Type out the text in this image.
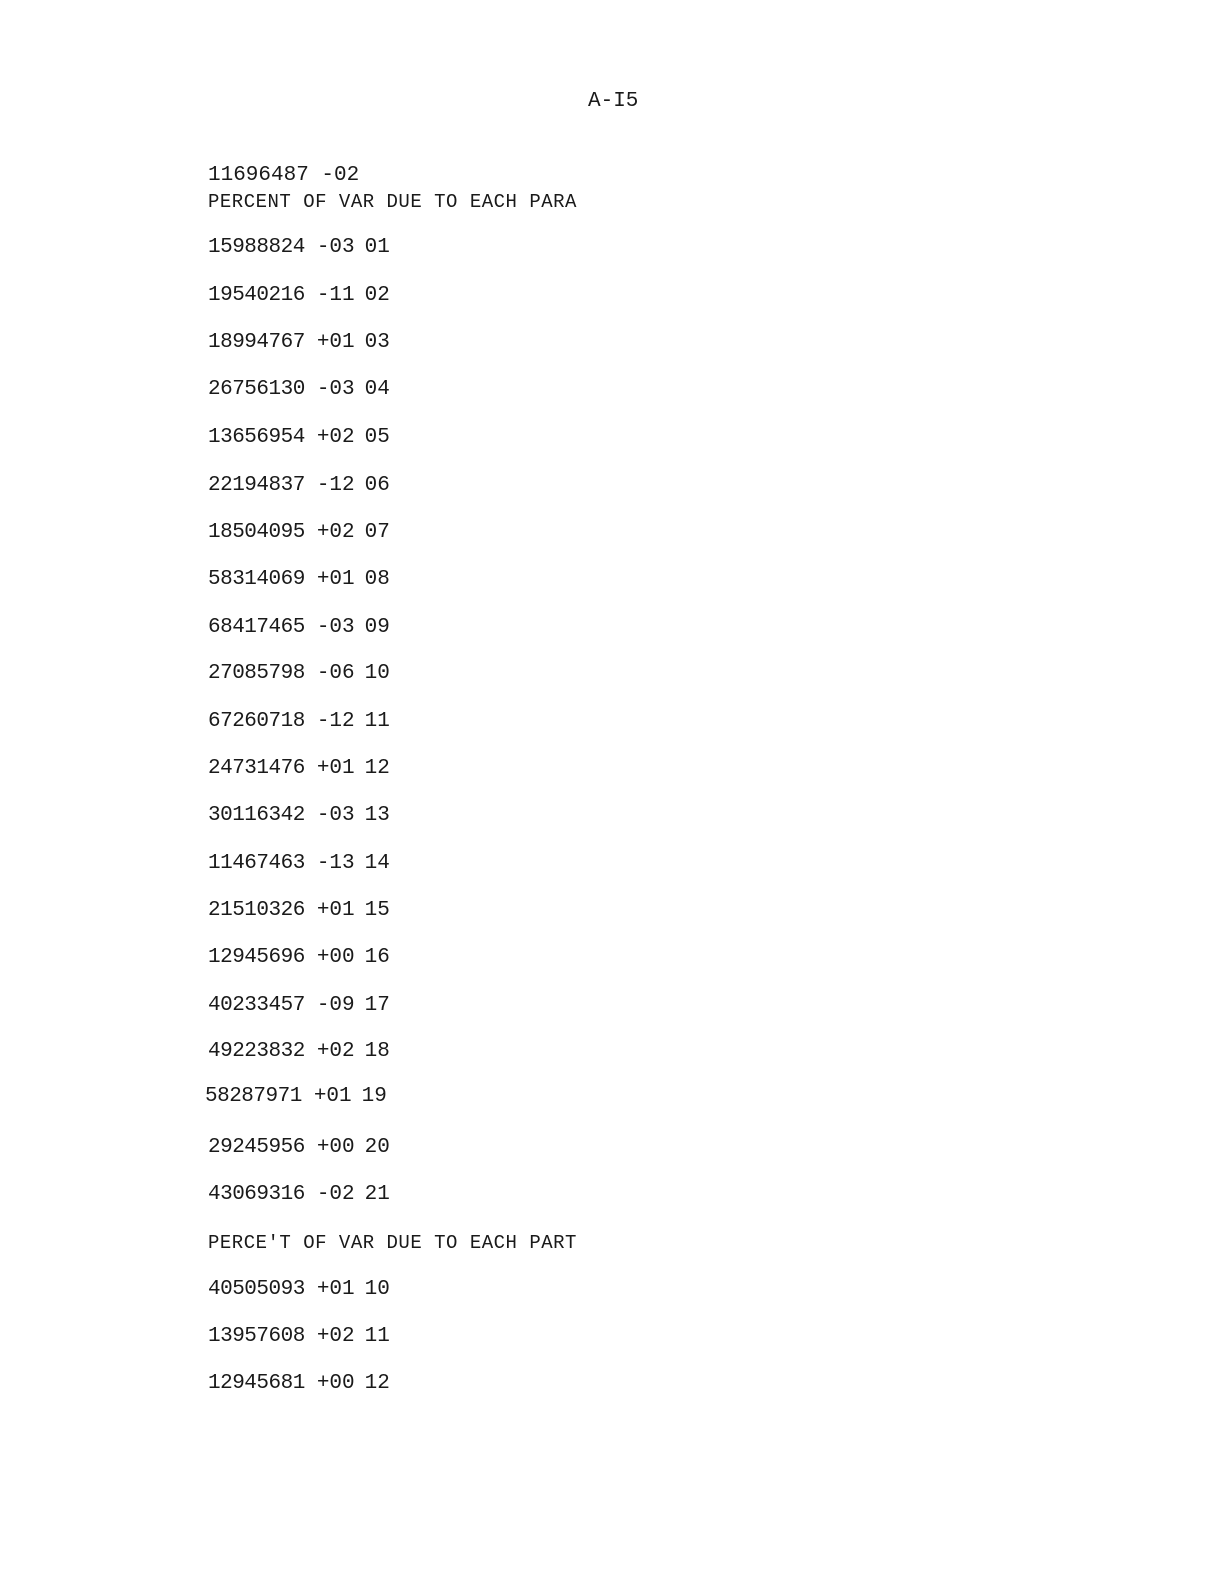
A-I5

11696487 -02

PERCENT OF VAR DUE TO EACH PARA

15988824 -03 01

19540216 -11 02

18994767 +01 03

26756130 -03 04

13656954 +02 05

22194837 -12 06

18504095 +02 07

58314069 +01 08

68417465 -03 09

27085798 -06 10

67260718 -12 11

24731476 +01 12

30116342 -03 13

11467463 -13 14

21510326 +01 15

12945696 +00 16

40233457 -09 17

49223832 +02 18

58287971 +01 19

29245956 +00 20

43069316 -02 21

PERCE'T OF VAR DUE TO EACH PART

40505093 +01 10

13957608 +02 11

12945681 +00 12
